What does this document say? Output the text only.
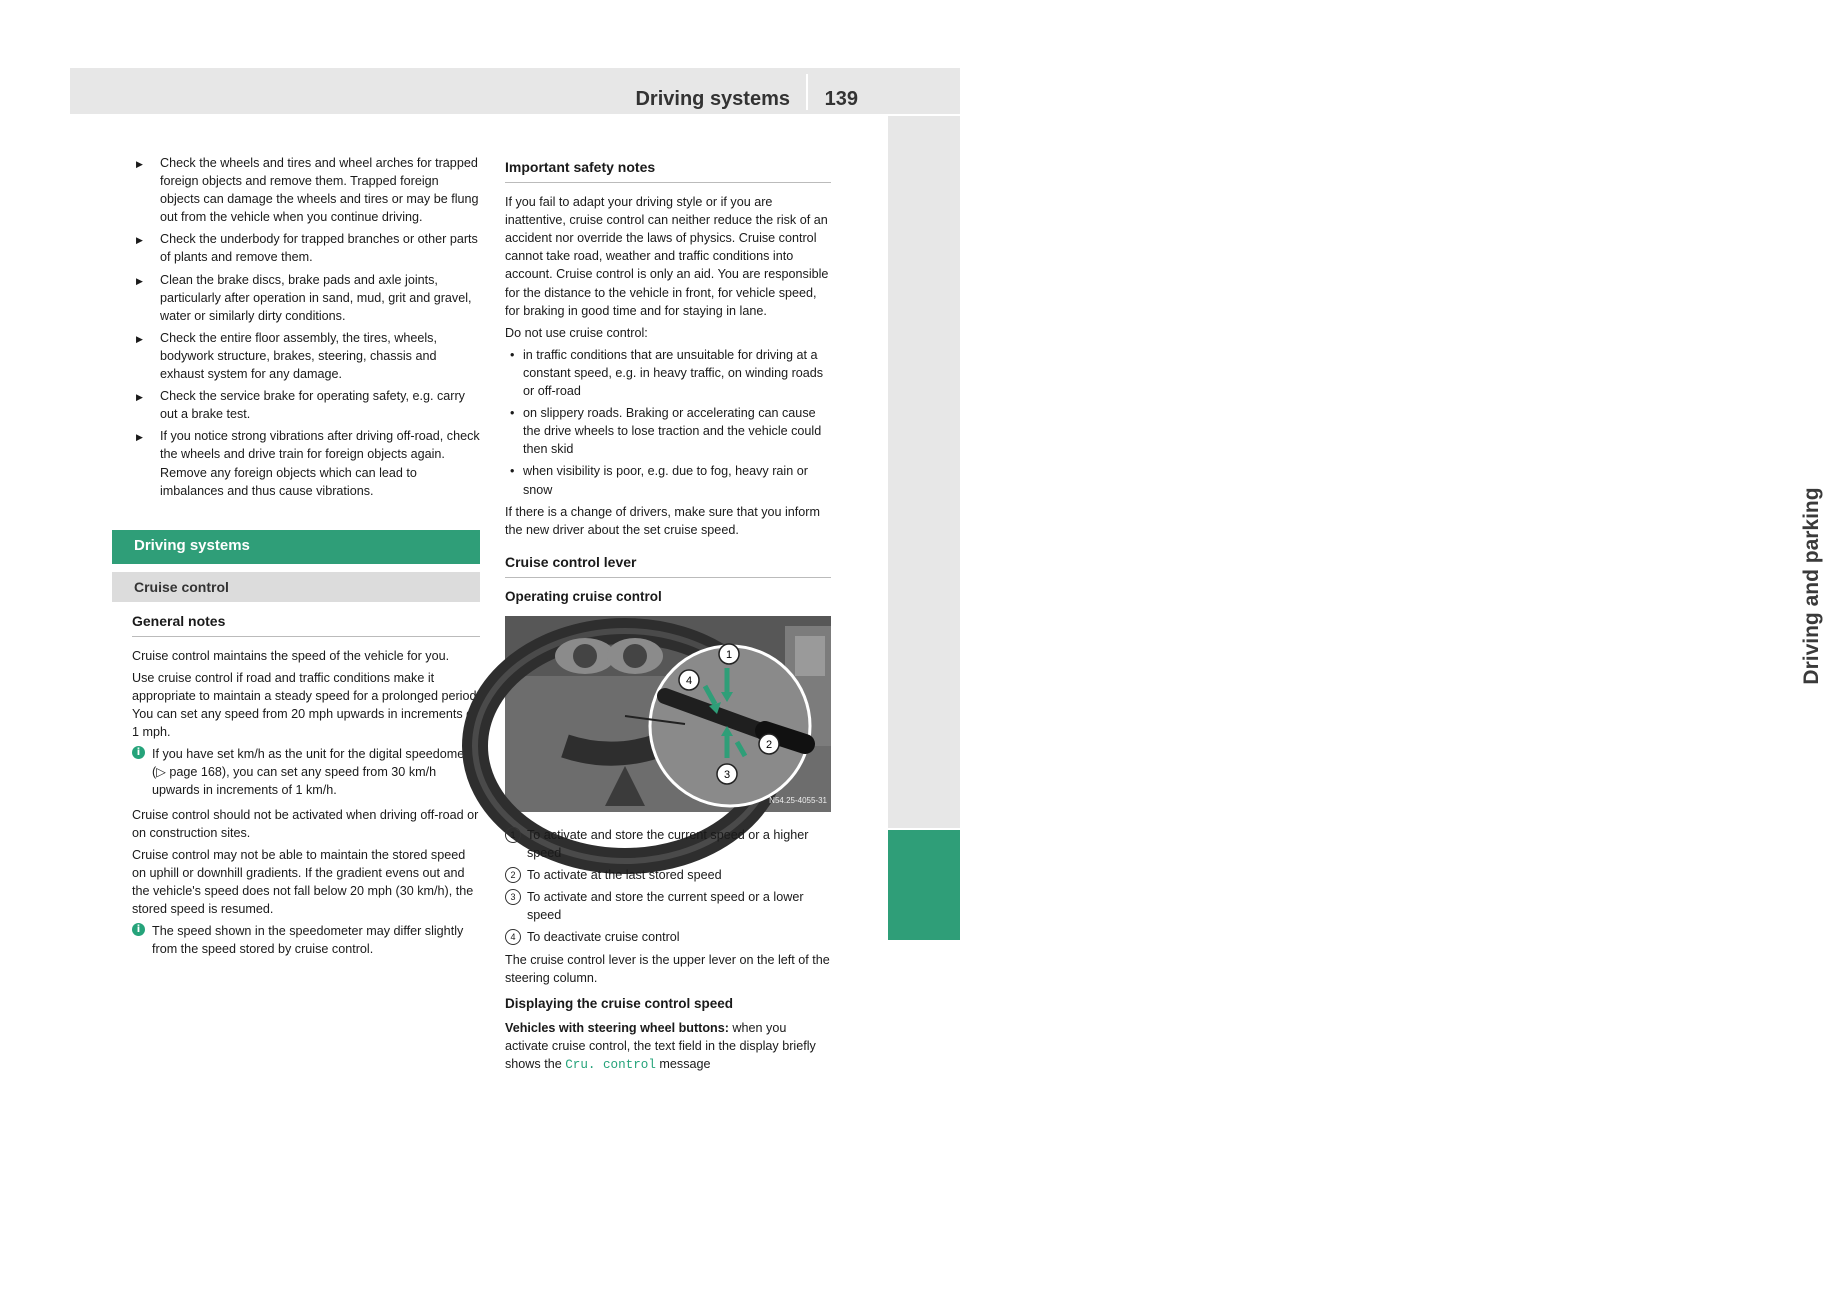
Driving systems 139
Driving and parking
▶ Check the wheels and tires and wheel arches for trapped foreign objects and remove them. Trapped foreign objects can damage the wheels and tires or may be flung out from the vehicle when you continue driving.
▶ Check the underbody for trapped branches or other parts of plants and remove them.
▶ Clean the brake discs, brake pads and axle joints, particularly after operation in sand, mud, grit and gravel, water or similarly dirty conditions.
▶ Check the entire floor assembly, the tires, wheels, bodywork structure, brakes, steering, chassis and exhaust system for any damage.
▶ Check the service brake for operating safety, e.g. carry out a brake test.
▶ If you notice strong vibrations after driving off-road, check the wheels and drive train for foreign objects again. Remove any foreign objects which can lead to imbalances and thus cause vibrations.
Driving systems
Cruise control
General notes

Cruise control maintains the speed of the vehicle for you.

Use cruise control if road and traffic conditions make it appropriate to maintain a steady speed for a prolonged period. You can set any speed from 20 mph upwards in increments of 1 mph.

i If you have set km/h as the unit for the digital speedometer (▷ page 168), you can set any speed from 30 km/h upwards in increments of 1 km/h.

Cruise control should not be activated when driving off-road or on construction sites.

Cruise control may not be able to maintain the stored speed on uphill or downhill gradients. If the gradient evens out and the vehicle's speed does not fall below 20 mph (30 km/h), the stored speed is resumed.

i The speed shown in the speedometer may differ slightly from the speed stored by cruise control.
Important safety notes

If you fail to adapt your driving style or if you are inattentive, cruise control can neither reduce the risk of an accident nor override the laws of physics. Cruise control cannot take road, weather and traffic conditions into account. Cruise control is only an aid. You are responsible for the distance to the vehicle in front, for vehicle speed, for braking in good time and for staying in lane.

Do not use cruise control:

• in traffic conditions that are unsuitable for driving at a constant speed, e.g. in heavy traffic, on winding roads or off-road
• on slippery roads. Braking or accelerating can cause the drive wheels to lose traction and the vehicle could then skid
• when visibility is poor, e.g. due to fog, heavy rain or snow

If there is a change of drivers, make sure that you inform the new driver about the set cruise speed.

Cruise control lever
Operating cruise control
1
2
3
4
N54.25-4055-31
1 To activate and store the current speed or a higher speed
2 To activate at the last stored speed
3 To activate and store the current speed or a lower speed
4 To deactivate cruise control

The cruise control lever is the upper lever on the left of the steering column.

Displaying the cruise control speed

Vehicles with steering wheel buttons: when you activate cruise control, the text field in the display briefly shows the Cru. control message
